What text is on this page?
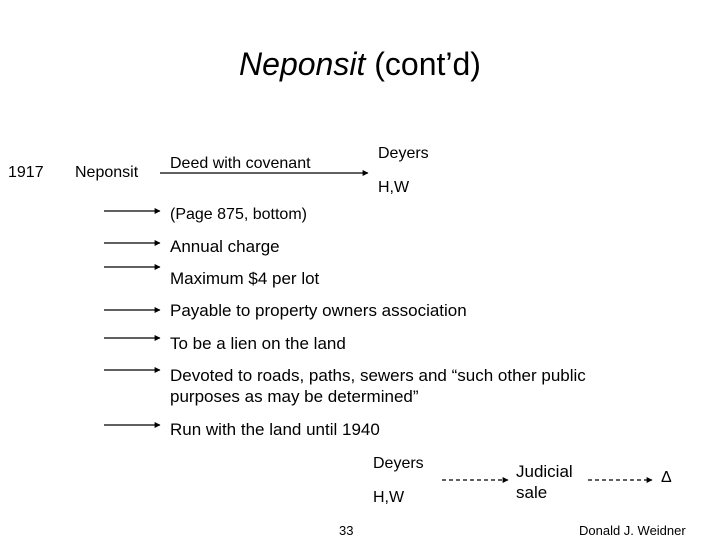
Neponsit (cont’d)
1917 Neponsit
Deed with covenant
Deyers
H,W
(Page 875, bottom)
Annual charge
Maximum $4 per lot
Payable to property owners association
To be a lien on the land
Devoted to roads, paths, sewers and “such other public purposes as may be determined”
Run with the land until 1940
Deyers
H,W
Judicial sale
Δ
33	Donald J. Weidner
